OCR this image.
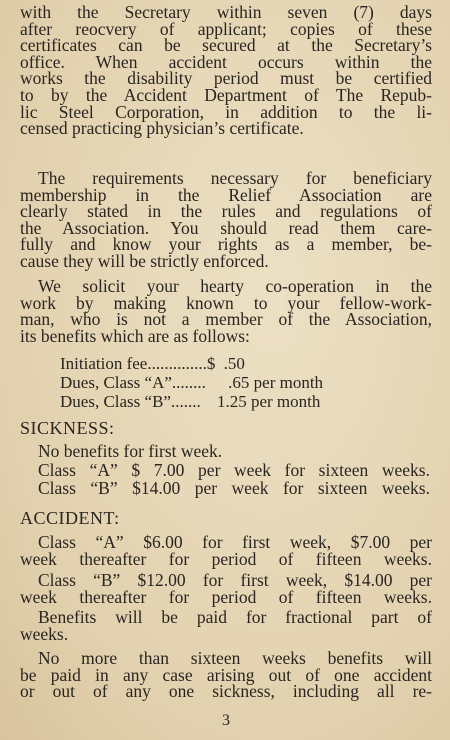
with the Secretary within seven (7) days
after reocvery of applicant; copies of these
certificates can be secured at the Secretary’s
office. When accident occurs within the
works the disability period must be certified
to by the Accident Department of The Repub-
lic Steel Corporation, in addition to the li-
censed practicing physician’s certificate.
The requirements necessary for beneficiary
membership in the Relief Association are
clearly stated in the rules and regulations of
the Association. You should read them care-
fully and know your rights as a member, be-
cause they will be strictly enforced.
We solicit your hearty co-operation in the
work by making known to your fellow-work-
man, who is not a member of the Association,
its benefits which are as follows:
Initiation fee..............$ .50
Dues, Class “A”........ .65 per month
Dues, Class “B”....... 1.25 per month
SICKNESS:
No benefits for first week.
Class “A” $ 7.00 per week for sixteen weeks.
Class “B” $14.00 per week for sixteen weeks.
ACCIDENT:
Class “A” $6.00 for first week, $7.00 per
week thereafter for period of fifteen weeks.
Class “B” $12.00 for first week, $14.00 per
week thereafter for period of fifteen weeks.
Benefits will be paid for fractional part of
weeks.
No more than sixteen weeks benefits will
be paid in any case arising out of one accident
or out of any one sickness, including all re-
3
